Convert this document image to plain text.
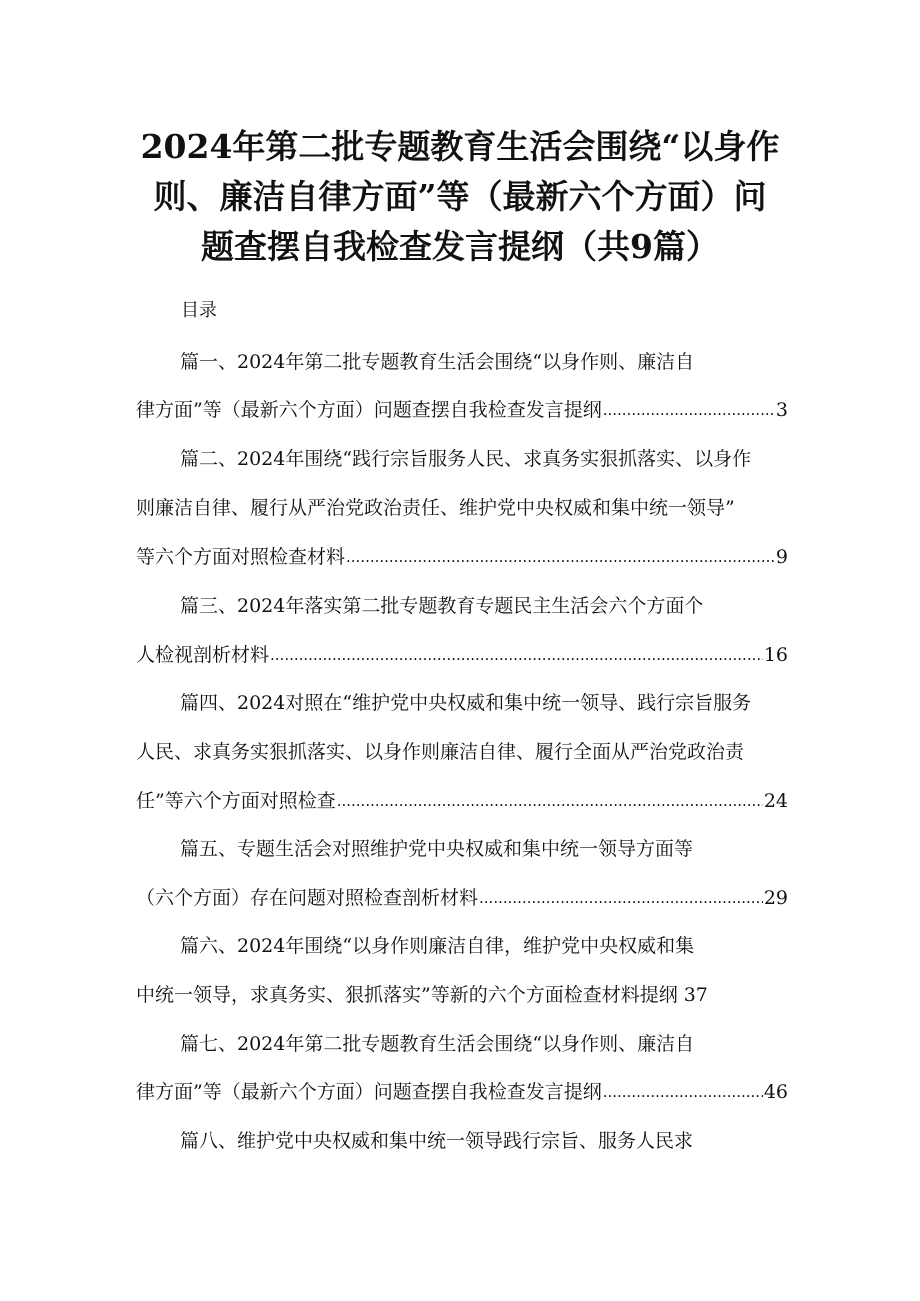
2024年第二批专题教育生活会围绕“以身作
则、廉洁自律方面”等（最新六个方面）问
题查摆自我检查发言提纲（共9篇）
目录
篇一、2024年第二批专题教育生活会围绕“以身作则、廉洁自
律方面”等（最新六个方面）问题查摆自我检查发言提纲 .....	3
篇二、2024年围绕“践行宗旨服务人民、求真务实狠抓落实、以身作
则廉洁自律、履行从严治党政治责任、维护党中央权威和集中统一领导”
等六个方面对照检查材料 .....	9
篇三、2024年落实第二批专题教育专题民主生活会六个方面个
人检视剖析材料 .....	16
篇四、2024对照在“维护党中央权威和集中统一领导、践行宗旨服务
人民、求真务实狠抓落实、以身作则廉洁自律、履行全面从严治党政治责
任”等六个方面对照检查 .....	24
篇五、专题生活会对照维护党中央权威和集中统一领导方面等
（六个方面）存在问题对照检查剖析材料 .....	29
篇六、2024年围绕“以身作则廉洁自律，维护党中央权威和集
中统一领导，求真务实、狠抓落实”等新的六个方面检查材料提纲 37
篇七、2024年第二批专题教育生活会围绕“以身作则、廉洁自
律方面”等（最新六个方面）问题查摆自我检查发言提纲 .....	46
篇八、维护党中央权威和集中统一领导践行宗旨、服务人民求
